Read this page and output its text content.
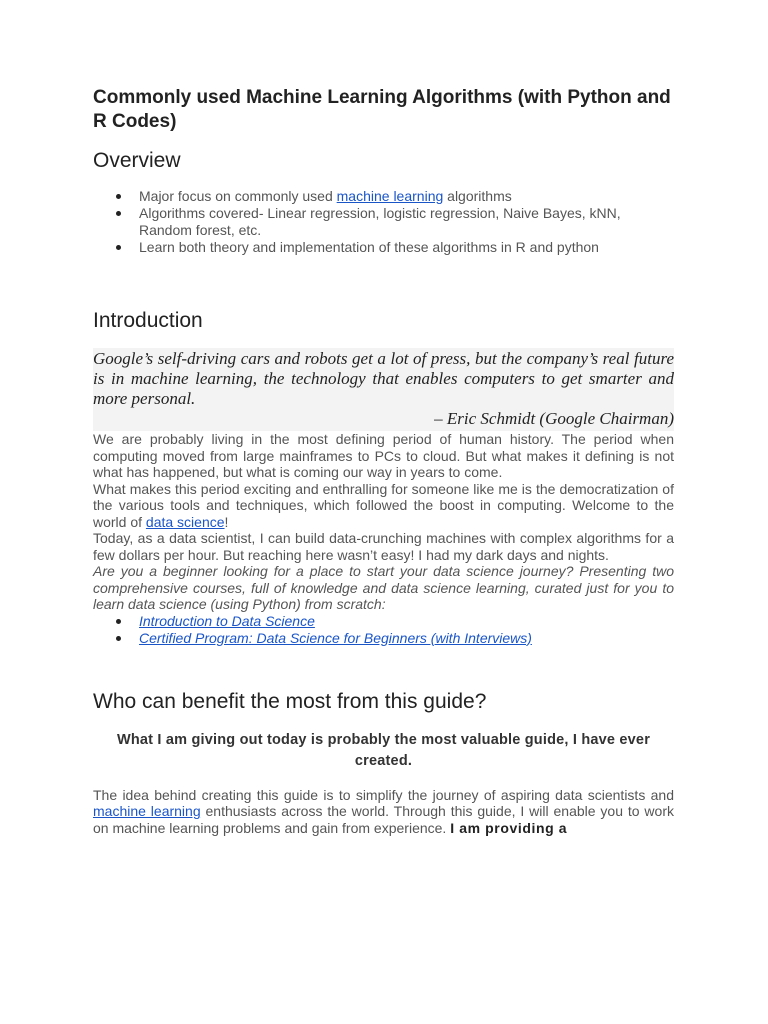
Commonly used Machine Learning Algorithms (with Python and R Codes)
Overview
Major focus on commonly used machine learning algorithms
Algorithms covered- Linear regression, logistic regression, Naive Bayes, kNN, Random forest, etc.
Learn both theory and implementation of these algorithms in R and python
Introduction
Google’s self-driving cars and robots get a lot of press, but the company’s real future is in machine learning, the technology that enables computers to get smarter and more personal.
– Eric Schmidt (Google Chairman)

We are probably living in the most defining period of human history. The period when computing moved from large mainframes to PCs to cloud. But what makes it defining is not what has happened, but what is coming our way in years to come.

What makes this period exciting and enthralling for someone like me is the democratization of the various tools and techniques, which followed the boost in computing. Welcome to the world of data science!

Today, as a data scientist, I can build data-crunching machines with complex algorithms for a few dollars per hour. But reaching here wasn’t easy! I had my dark days and nights.

Are you a beginner looking for a place to start your data science journey? Presenting two comprehensive courses, full of knowledge and data science learning, curated just for you to learn data science (using Python) from scratch:

Introduction to Data Science
Certified Program: Data Science for Beginners (with Interviews)
Who can benefit the most from this guide?

What I am giving out today is probably the most valuable guide, I have ever created.

The idea behind creating this guide is to simplify the journey of aspiring data scientists and machine learning enthusiasts across the world. Through this guide, I will enable you to work on machine learning problems and gain from experience. I am providing a
